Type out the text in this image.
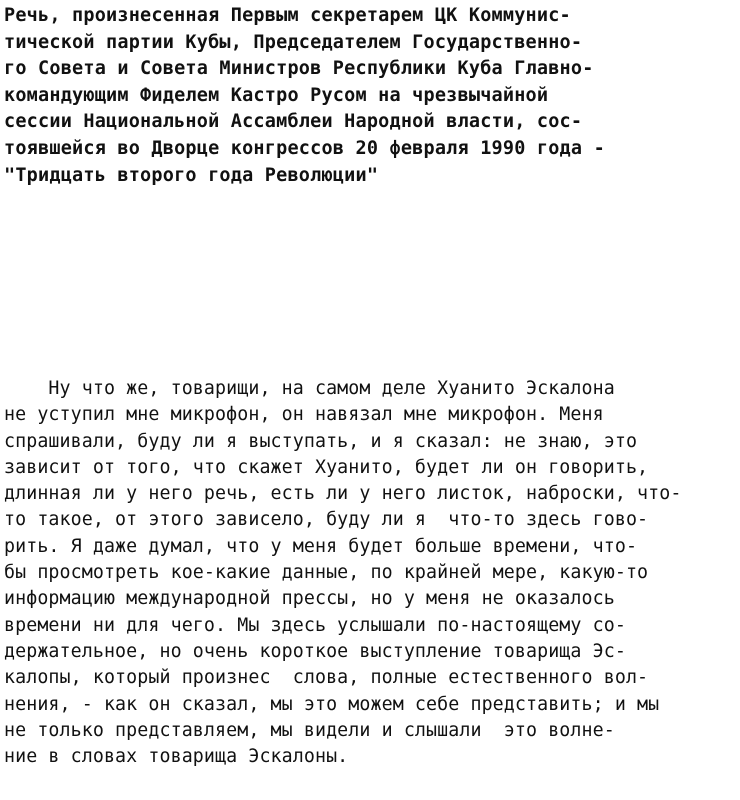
Речь, произнесенная Первым секретарем ЦК Коммунис-
тической партии Кубы, Председателем Государственно-
го Совета и Совета Министров Республики Куба Главно-
командующим Фиделем Кастро Русом на чрезвычайной
сессии Национальной Ассамблеи Народной власти, сос-
тоявшейся во Дворце конгрессов 20 февраля 1990 года -
"Тридцать второго года Революции"
Ну что же, товарищи, на самом деле Хуанито Эскалона
не уступил мне микрофон, он навязал мне микрофон. Меня
спрашивали, буду ли я выступать, и я сказал: не знаю, это
зависит от того, что скажет Хуанито, будет ли он говорить,
длинная ли у него речь, есть ли у него листок, наброски, что-
то такое, от этого зависело, буду ли я  что-то здесь гово-
рить. Я даже думал, что у меня будет больше времени, что-
бы просмотреть кое-какие данные, по крайней мере, какую-то
информацию международной прессы, но у меня не оказалось
времени ни для чего. Мы здесь услышали по-настоящему со-
держательное, но очень короткое выступление товарища Эс-
калопы, который произнес  слова, полные естественного вол-
нения, - как он сказал, мы это можем себе представить; и мы
не только представляем, мы видели и слышали  это волне-
ние в словах товарища Эскалоны.
